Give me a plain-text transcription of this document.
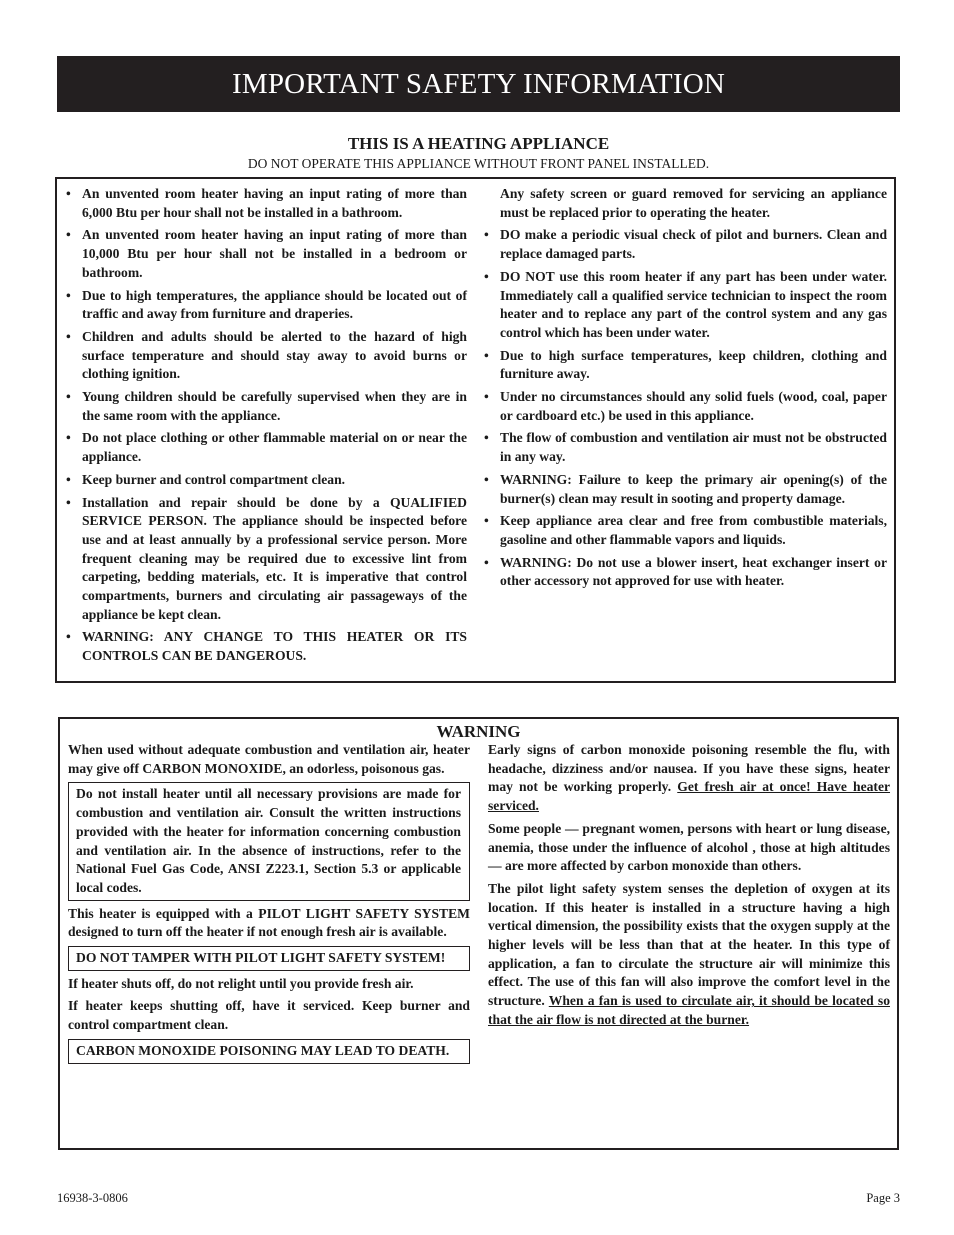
IMPORTANT SAFETY INFORMATION
THIS IS A HEATING APPLIANCE
DO NOT OPERATE THIS APPLIANCE WITHOUT FRONT PANEL INSTALLED.
• An unvented room heater having an input rating of more than 6,000 Btu per hour shall not be installed in a bathroom.
• An unvented room heater having an input rating of more than 10,000 Btu per hour shall not be installed in a bedroom or bathroom.
• Due to high temperatures, the appliance should be located out of traffic and away from furniture and draperies.
• Children and adults should be alerted to the hazard of high surface temperature and should stay away to avoid burns or clothing ignition.
• Young children should be carefully supervised when they are in the same room with the appliance.
• Do not place clothing or other flammable material on or near the appliance.
• Keep burner and control compartment clean.
• Installation and repair should be done by a QUALIFIED SERVICE PERSON. The appliance should be inspected before use and at least annually by a professional service person. More frequent cleaning may be required due to excessive lint from carpeting, bedding materials, etc. It is imperative that control compartments, burners and circulating air passageways of the appliance be kept clean.
• WARNING: ANY CHANGE TO THIS HEATER OR ITS CONTROLS CAN BE DANGEROUS.
Any safety screen or guard removed for servicing an appliance must be replaced prior to operating the heater.
• DO make a periodic visual check of pilot and burners. Clean and replace damaged parts.
• DO NOT use this room heater if any part has been under water. Immediately call a qualified service technician to inspect the room heater and to replace any part of the control system and any gas control which has been under water.
• Due to high surface temperatures, keep children, clothing and furniture away.
• Under no circumstances should any solid fuels (wood, coal, paper or cardboard etc.) be used in this appliance.
• The flow of combustion and ventilation air must not be obstructed in any way.
• WARNING: Failure to keep the primary air opening(s) of the burner(s) clean may result in sooting and property damage.
• Keep appliance area clear and free from combustible materials, gasoline and other flammable vapors and liquids.
• WARNING: Do not use a blower insert, heat exchanger insert or other accessory not approved for use with heater.
WARNING

When used without adequate combustion and ventilation air, heater may give off CARBON MONOXIDE, an odorless, poisonous gas.

Do not install heater until all necessary provisions are made for combustion and ventilation air. Consult the written instructions provided with the heater for information concerning combustion and ventilation air. In the absence of instructions, refer to the National Fuel Gas Code, ANSI Z223.1, Section 5.3 or applicable local codes.

This heater is equipped with a PILOT LIGHT SAFETY SYSTEM designed to turn off the heater if not enough fresh air is available.

DO NOT TAMPER WITH PILOT LIGHT SAFETY SYSTEM!

If heater shuts off, do not relight until you provide fresh air.

If heater keeps shutting off, have it serviced. Keep burner and control compartment clean.

CARBON MONOXIDE POISONING MAY LEAD TO DEATH.

Early signs of carbon monoxide poisoning resemble the flu, with headache, dizziness and/or nausea. If you have these signs, heater may not be working properly. Get fresh air at once! Have heater serviced.

Some people — pregnant women, persons with heart or lung disease, anemia, those under the influence of alcohol , those at high altitudes — are more affected by carbon monoxide than others.

The pilot light safety system senses the depletion of oxygen at its location. If this heater is installed in a structure having a high vertical dimension, the possibility exists that the oxygen supply at the higher levels will be less than that at the heater. In this type of application, a fan to circulate the structure air will minimize this effect. The use of this fan will also improve the comfort level in the structure. When a fan is used to circulate air, it should be located so that the air flow is not directed at the burner.

16938-3-0806	Page 3
